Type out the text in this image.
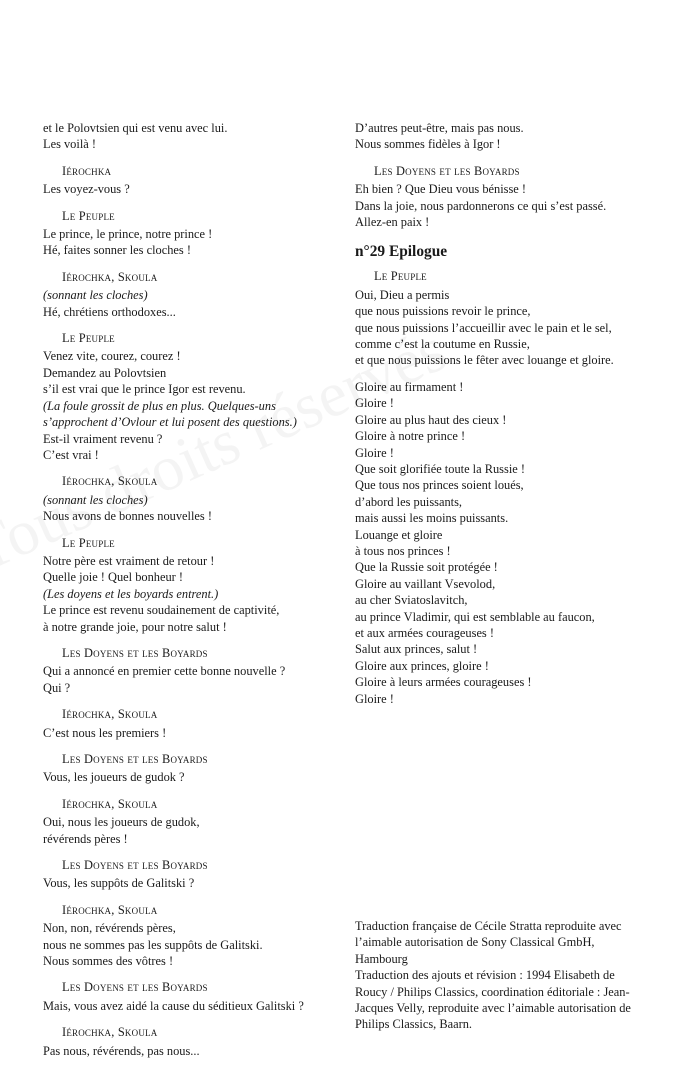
et le Polovtsien qui est venu avec lui.
Les voilà !
Iérochka
Les voyez-vous ?
Le Peuple
Le prince, le prince, notre prince !
Hé, faites sonner les cloches !
Iérochka, Skoula
(sonnant les cloches)
Hé, chrétiens orthodoxes...
Le Peuple
Venez vite, courez, courez !
Demandez au Polovtsien
s’il est vrai que le prince Igor est revenu.
(La foule grossit de plus en plus. Quelques-uns
s’approchent d’Ovlour et lui posent des questions.)
Est-il vraiment revenu ?
C’est vrai !
Iérochka, Skoula
(sonnant les cloches)
Nous avons de bonnes nouvelles !
Le Peuple
Notre père est vraiment de retour !
Quelle joie ! Quel bonheur !
(Les doyens et les boyards entrent.)
Le prince est revenu soudainement de captivité,
à notre grande joie, pour notre salut !
Les Doyens et les Boyards
Qui a annoncé en premier cette bonne nouvelle ?
Qui ?
Iérochka, Skoula
C’est nous les premiers !
Les Doyens et les Boyards
Vous, les joueurs de gudok ?
Iérochka, Skoula
Oui, nous les joueurs de gudok,
révérends pères !
Les Doyens et les Boyards
Vous, les suppôts de Galitski ?
Iérochka, Skoula
Non, non, révérends pères,
nous ne sommes pas les suppôts de Galitski.
Nous sommes des vôtres !
Les Doyens et les Boyards
Mais, vous avez aidé la cause du séditieux Galitski ?
Iérochka, Skoula
Pas nous, révérends, pas nous...
D’autres peut-être, mais pas nous.
Nous sommes fidèles à Igor !
Les Doyens et les Boyards
Eh bien ? Que Dieu vous bénisse !
Dans la joie, nous pardonnerons ce qui s’est passé.
Allez-en paix !
n°29 Epilogue
Le Peuple
Oui, Dieu a permis
que nous puissions revoir le prince,
que nous puissions l’accueillir avec le pain et le sel,
comme c’est la coutume en Russie,
et que nous puissions le fêter avec louange et gloire.
Gloire au firmament !
Gloire !
Gloire au plus haut des cieux !
Gloire à notre prince !
Gloire !
Que soit glorifiée toute la Russie !
Que tous nos princes soient loués,
d’abord les puissants,
mais aussi les moins puissants.
Louange et gloire
à tous nos princes !
Que la Russie soit protégée !
Gloire au vaillant Vsevolod,
au cher Sviatoslavitch,
au prince Vladimir, qui est semblable au faucon,
et aux armées courageuses !
Salut aux princes, salut !
Gloire aux princes, gloire !
Gloire à leurs armées courageuses !
Gloire !
Traduction française de Cécile Stratta reproduite avec
l’aimable autorisation de Sony Classical GmbH,
Hambourg
Traduction des ajouts et révision : 1994 Elisabeth de
Roucy / Philips Classics, coordination éditoriale : Jean-
Jacques Velly, reproduite avec l’aimable autorisation de
Philips Classics, Baarn.
